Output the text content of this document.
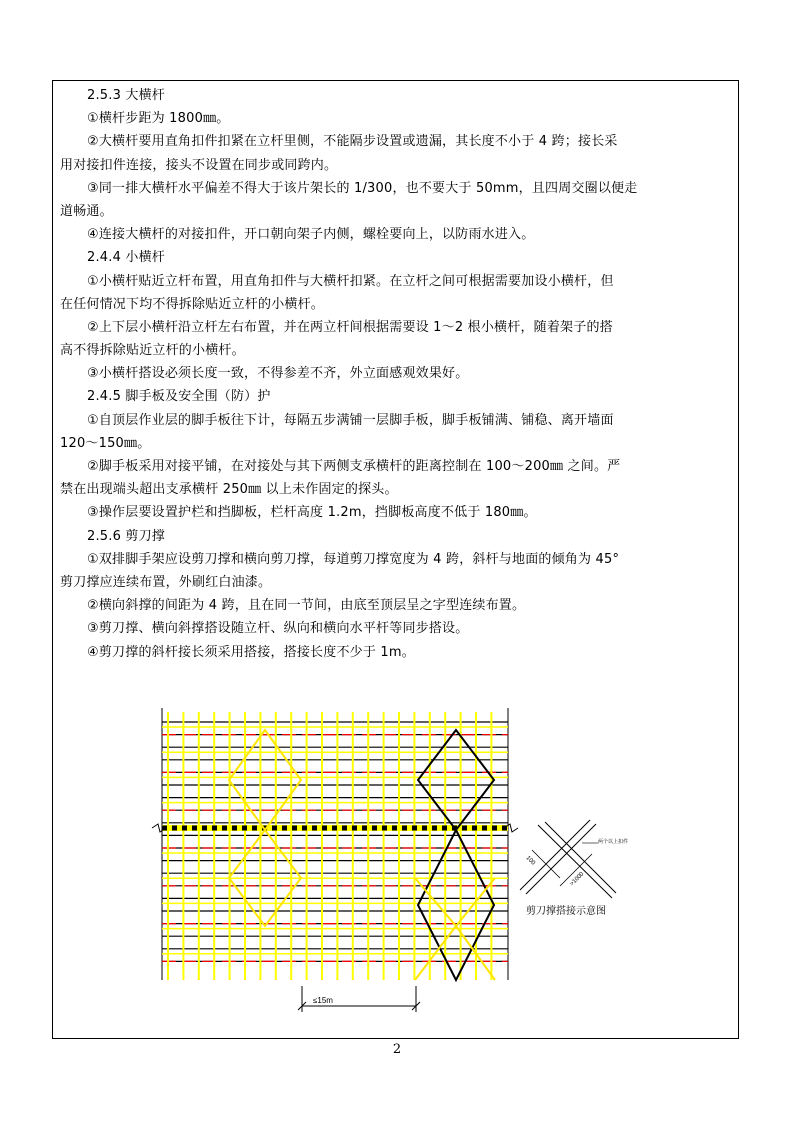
2.5.3 大横杆
①横杆步距为 1800㎜。
②大横杆要用直角扣件扣紧在立杆里侧，不能隔步设置或遗漏，其长度不小于 4 跨；接长采
用对接扣件连接，接头不设置在同步或同跨内。
③同一排大横杆水平偏差不得大于该片架长的 1/300，也不要大于 50mm，且四周交圈以便走
道畅通。
④连接大横杆的对接扣件，开口朝向架子内侧，螺栓要向上，以防雨水进入。
2.4.4 小横杆
①小横杆贴近立杆布置，用直角扣件与大横杆扣紧。在立杆之间可根据需要加设小横杆，但
在任何情况下均不得拆除贴近立杆的小横杆。
②上下层小横杆沿立杆左右布置，并在两立杆间根据需要设 1～2 根小横杆，随着架子的搭
高不得拆除贴近立杆的小横杆。
③小横杆搭设必须长度一致，不得参差不齐，外立面感观效果好。
2.4.5 脚手板及安全围（防）护
①自顶层作业层的脚手板往下计，每隔五步满铺一层脚手板，脚手板铺满、铺稳、离开墙面
120～150㎜。
②脚手板采用对接平铺，在对接处与其下两侧支承横杆的距离控制在 100～200㎜ 之间。严
禁在出现端头超出支承横杆 250㎜ 以上未作固定的探头。
③操作层要设置护栏和挡脚板，栏杆高度 1.2m，挡脚板高度不低于 180㎜。
2.5.6 剪刀撑
①双排脚手架应设剪刀撑和横向剪刀撑，每道剪刀撑宽度为 4 跨，斜杆与地面的倾角为 45°
剪刀撑应连续布置，外刷红白油漆。
②横向斜撑的间距为 4 跨，且在同一节间，由底至顶层呈之字型连续布置。
③剪刀撑、横向斜撑搭设随立杆、纵向和横向水平杆等同步搭设。
④剪刀撑的斜杆接长须采用搭接，搭接长度不少于 1m。
≤15m
两个以上扣件
100
>1000
剪刀撑搭接示意图
2
